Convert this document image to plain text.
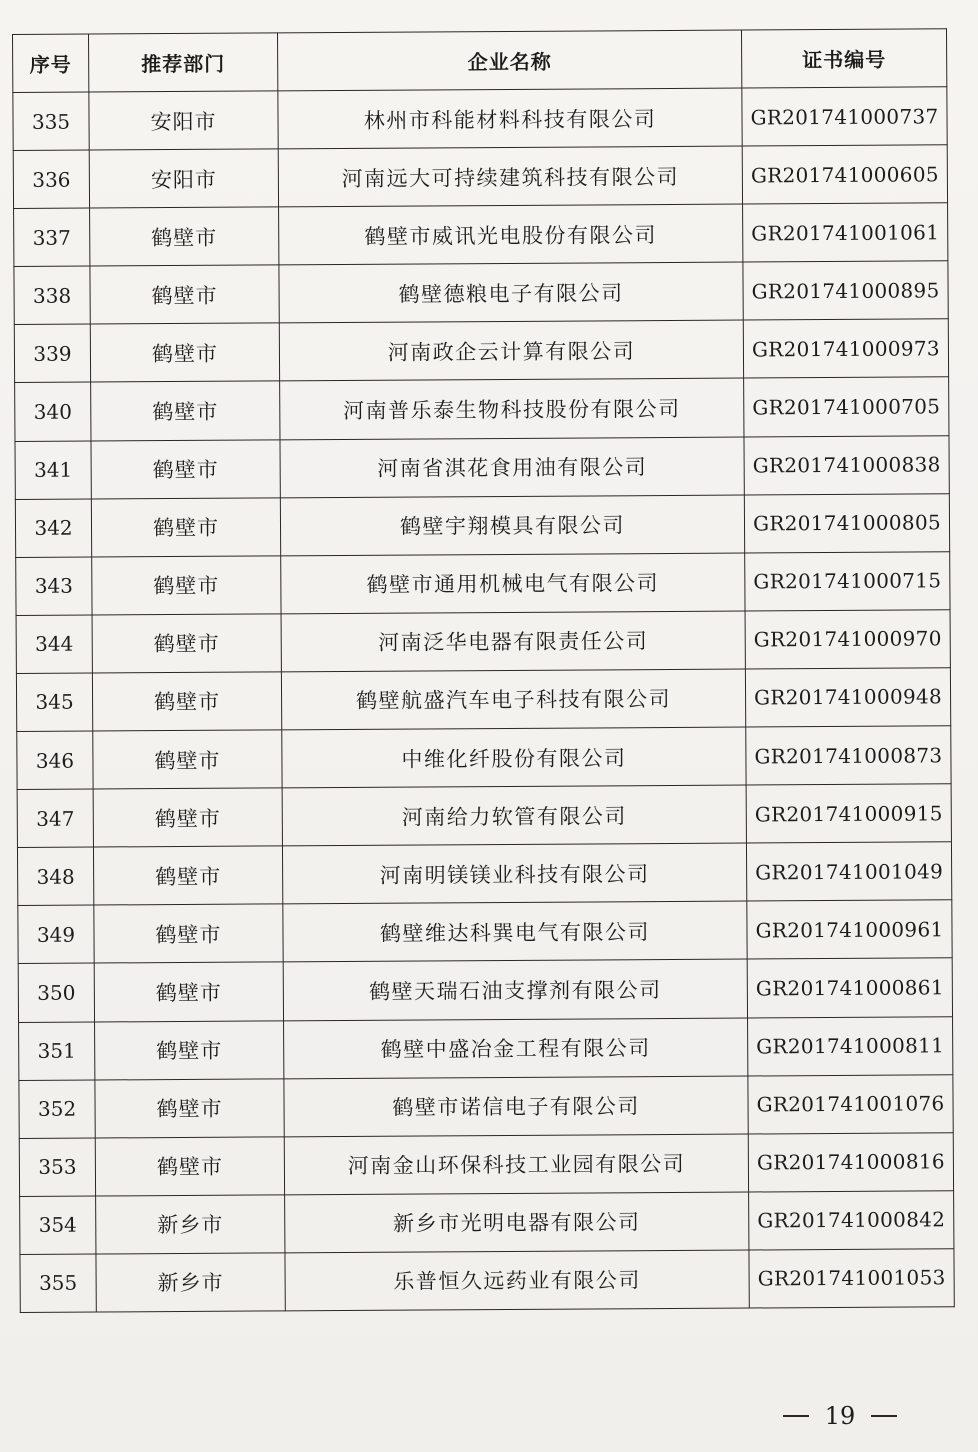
序号	推荐部门	企业名称	证书编号
335	安阳市	林州市科能材料科技有限公司	GR201741000737
336	安阳市	河南远大可持续建筑科技有限公司	GR201741000605
337	鹤壁市	鹤壁市威讯光电股份有限公司	GR201741001061
338	鹤壁市	鹤壁德粮电子有限公司	GR201741000895
339	鹤壁市	河南政企云计算有限公司	GR201741000973
340	鹤壁市	河南普乐泰生物科技股份有限公司	GR201741000705
341	鹤壁市	河南省淇花食用油有限公司	GR201741000838
342	鹤壁市	鹤壁宇翔模具有限公司	GR201741000805
343	鹤壁市	鹤壁市通用机械电气有限公司	GR201741000715
344	鹤壁市	河南泛华电器有限责任公司	GR201741000970
345	鹤壁市	鹤壁航盛汽车电子科技有限公司	GR201741000948
346	鹤壁市	中维化纤股份有限公司	GR201741000873
347	鹤壁市	河南给力软管有限公司	GR201741000915
348	鹤壁市	河南明镁镁业科技有限公司	GR201741001049
349	鹤壁市	鹤壁维达科巽电气有限公司	GR201741000961
350	鹤壁市	鹤壁天瑞石油支撑剂有限公司	GR201741000861
351	鹤壁市	鹤壁中盛冶金工程有限公司	GR201741000811
352	鹤壁市	鹤壁市诺信电子有限公司	GR201741001076
353	鹤壁市	河南金山环保科技工业园有限公司	GR201741000816
354	新乡市	新乡市光明电器有限公司	GR201741000842
355	新乡市	乐普恒久远药业有限公司	GR201741001053
19
